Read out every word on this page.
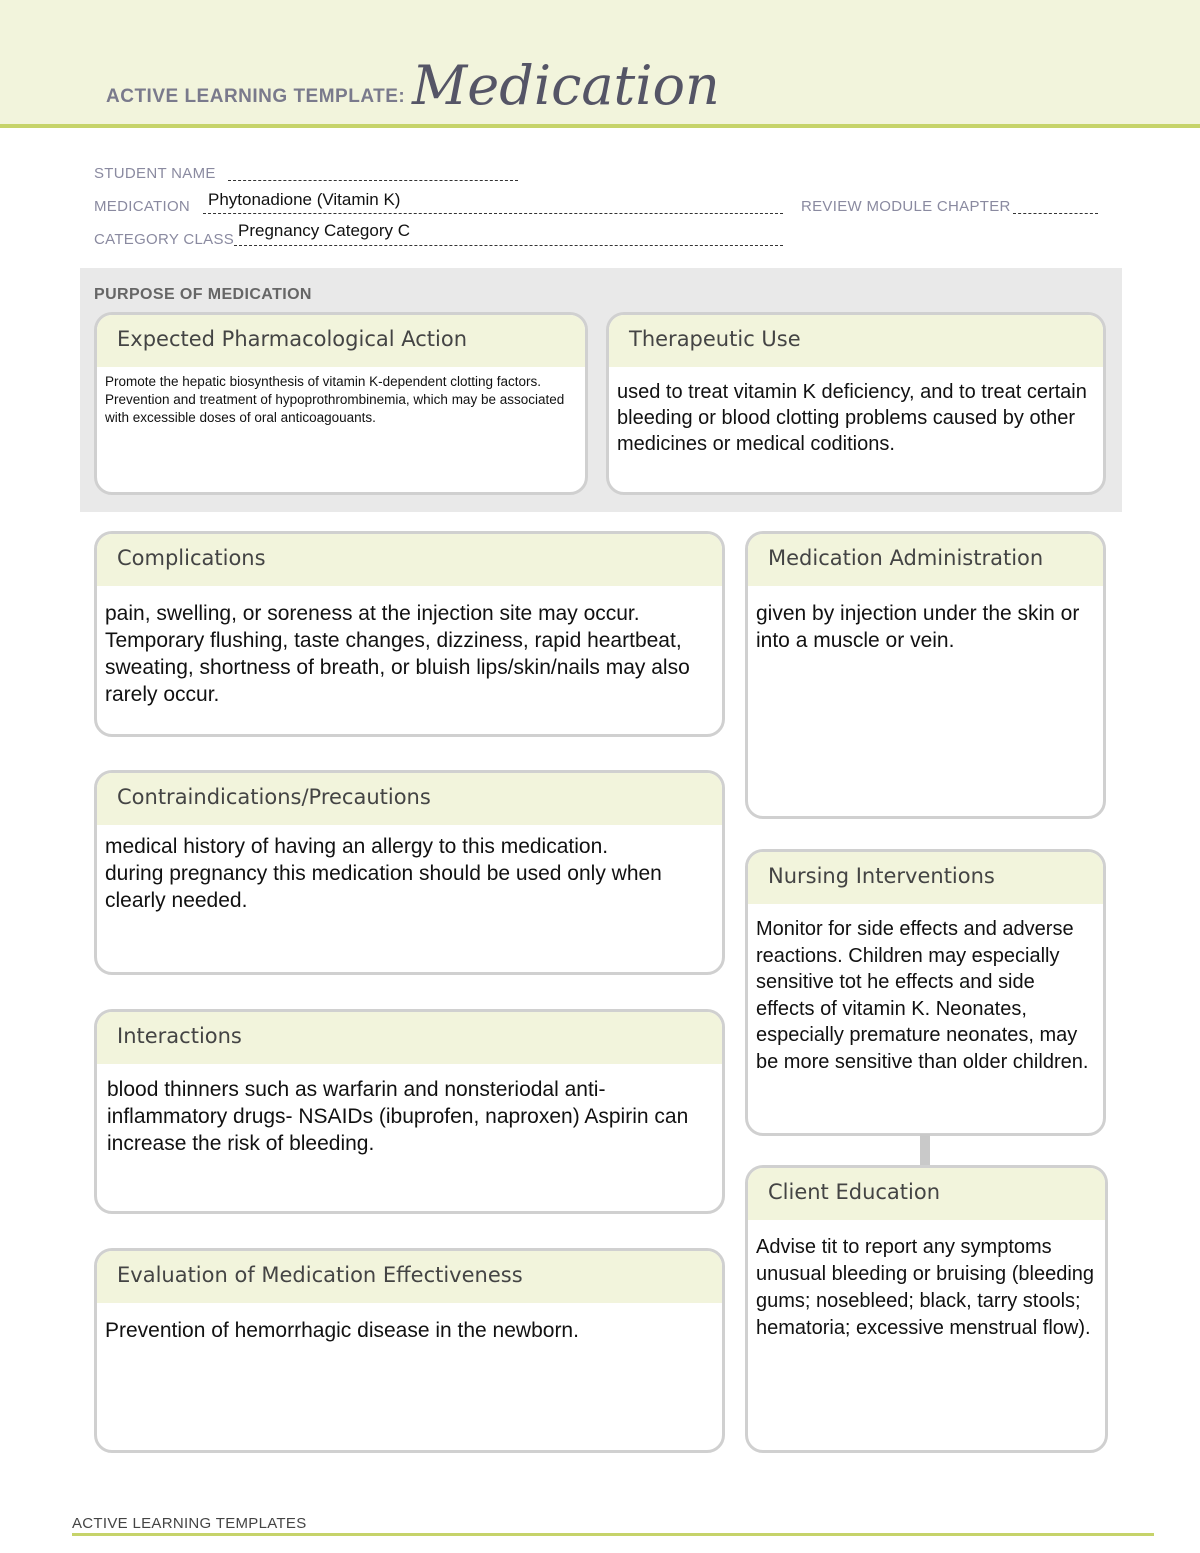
ACTIVE LEARNING TEMPLATE: Medication
STUDENT NAME
MEDICATION Phytonadione (Vitamin K)	REVIEW MODULE CHAPTER
CATEGORY CLASS Pregnancy Category C
PURPOSE OF MEDICATION
Expected Pharmacological Action
Promote the hepatic biosynthesis of vitamin K-dependent clotting factors.
Prevention and treatment of hypoprothrombinemia, which may be associated with excessible doses of oral anticoagouants.
Therapeutic Use
used to treat vitamin K deficiency, and to treat certain bleeding or blood clotting problems caused by other medicines or medical coditions.
Complications
pain, swelling, or soreness at the injection site may occur. Temporary flushing, taste changes, dizziness, rapid heartbeat, sweating, shortness of breath, or bluish lips/skin/nails may also rarely occur.
Contraindications/Precautions
medical history of having an allergy to this medication.
during pregnancy this medication should be used only when clearly needed.
Interactions
blood thinners such as warfarin and nonsteriodal anti-inflammatory drugs- NSAIDs (ibuprofen, naproxen) Aspirin can increase the risk of bleeding.
Evaluation of Medication Effectiveness
Prevention of hemorrhagic disease in the newborn.
Medication Administration
given by injection under the skin or into a muscle or vein.
Nursing Interventions
Monitor for side effects and adverse reactions. Children may especially sensitive tot he effects and side effects of vitamin K. Neonates, especially premature neonates, may be more sensitive than older children.
Client Education
Advise tit to report any symptoms unusual bleeding or bruising (bleeding gums; nosebleed; black, tarry stools; hematoria; excessive menstrual flow).
ACTIVE LEARNING TEMPLATES
